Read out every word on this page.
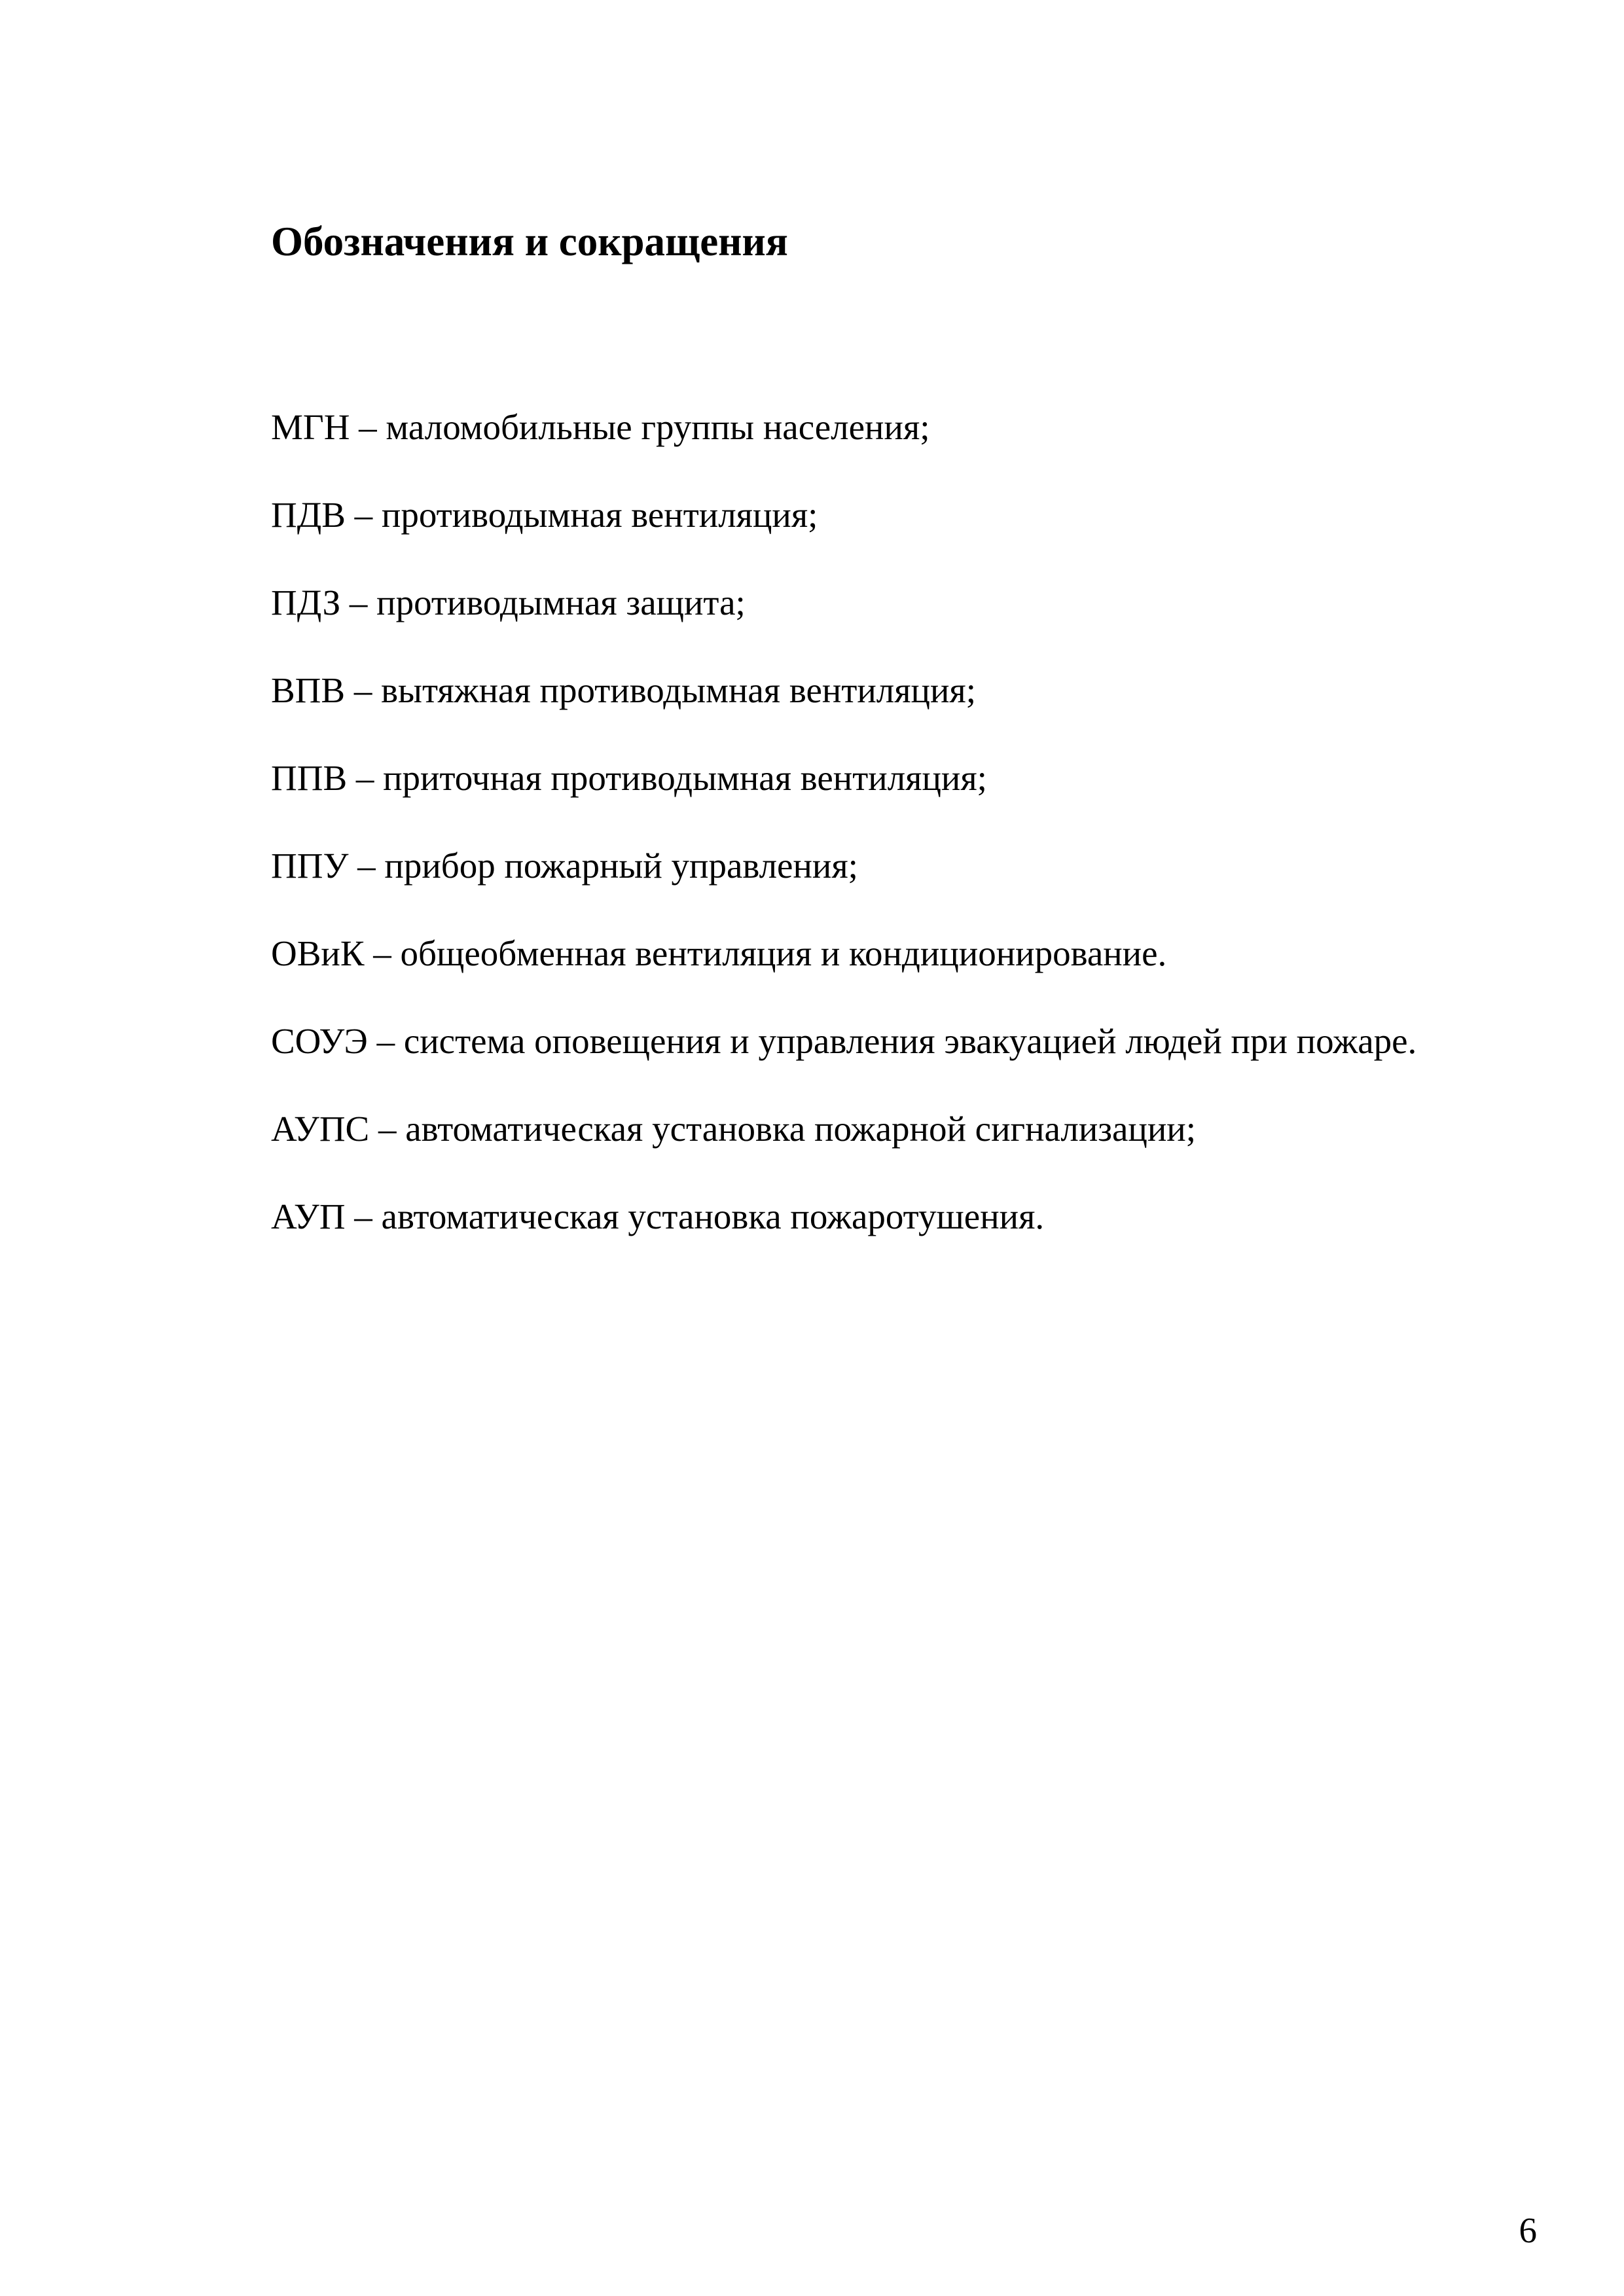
Обозначения и сокращения
МГН – маломобильные группы населения;
ПДВ – противодымная вентиляция;
ПДЗ – противодымная защита;
ВПВ – вытяжная противодымная вентиляция;
ППВ – приточная противодымная вентиляция;
ППУ – прибор пожарный управления;
ОВиК – общеобменная вентиляция и кондиционирование.
СОУЭ – система оповещения и управления эвакуацией людей при пожаре.
АУПС – автоматическая установка пожарной сигнализации;
АУП – автоматическая установка пожаротушения.
6
